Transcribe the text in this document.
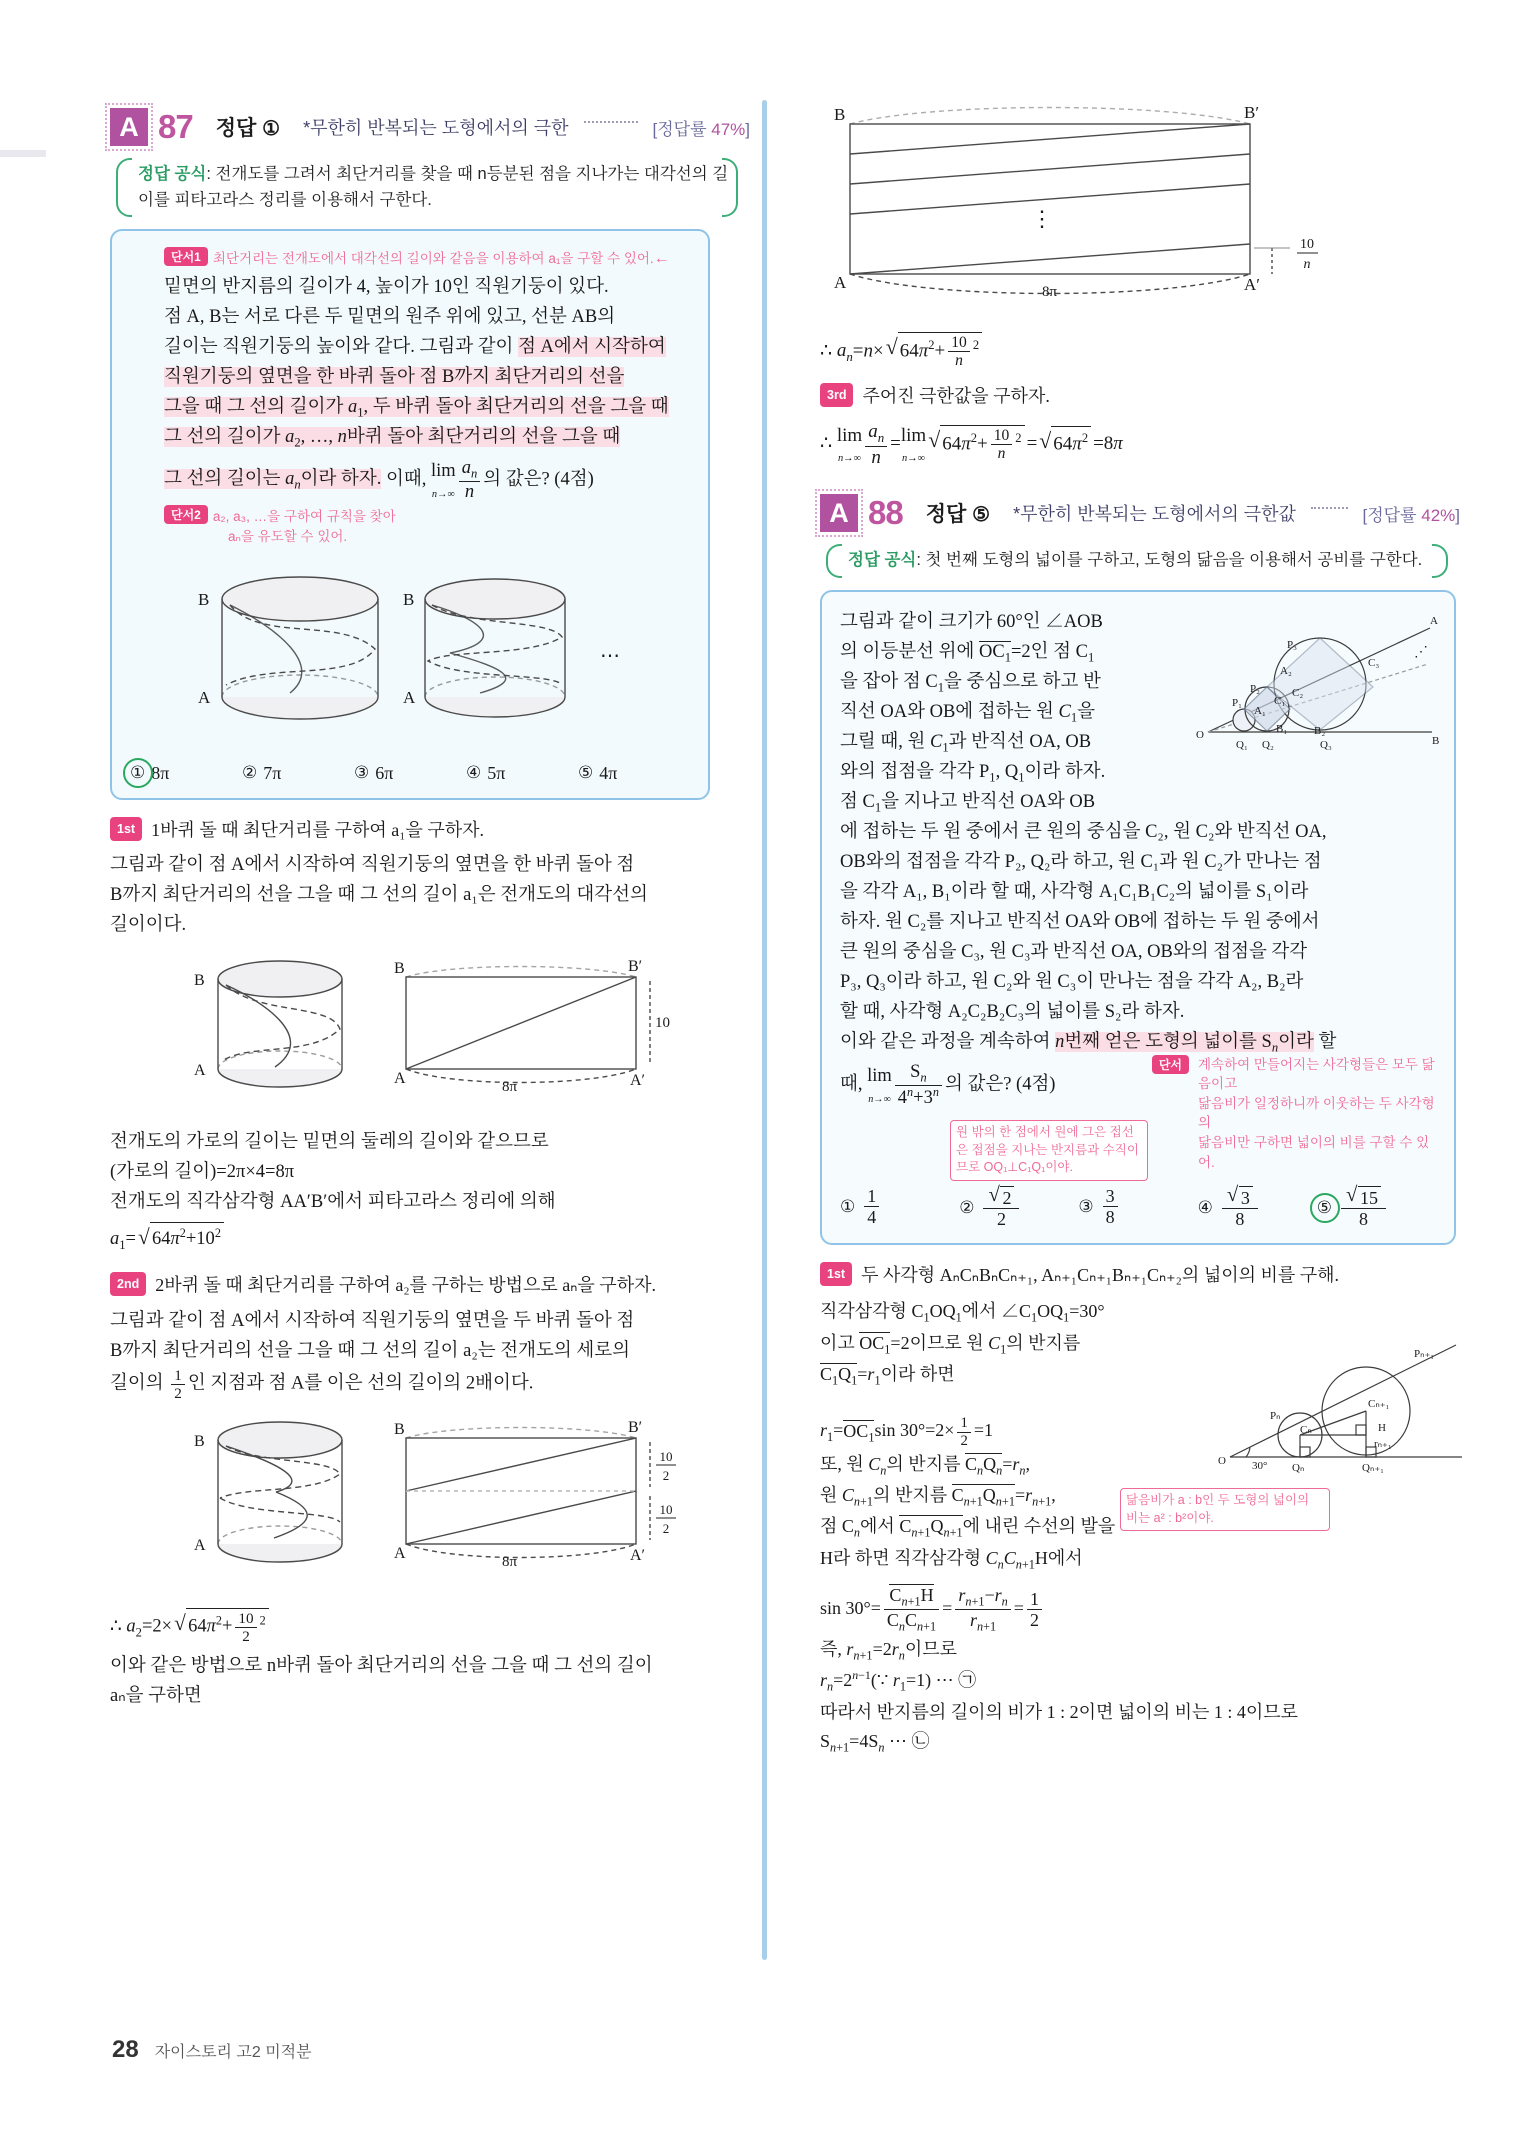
A 87 정답 ① *무한히 반복되는 도형에서의 극한	[정답률 47%]
정답 공식: 전개도를 그려서 최단거리를 찾을 때 n등분된 점을 지나가는 대각선의 길이를 피타고라스 정리를 이용해서 구한다.
단서1 최단거리는 전개도에서 대각선의 길이와 같음을 이용하여 a₁을 구할 수 있어.←
밑면의 반지름의 길이가 4, 높이가 10인 직원기둥이 있다.
점 A, B는 서로 다른 두 밑면의 원주 위에 있고, 선분 AB의
길이는 직원기둥의 높이와 같다. 그림과 같이 점 A에서 시작하여
직원기둥의 옆면을 한 바퀴 돌아 점 B까지 최단거리의 선을
그을 때 그 선의 길이가 $a_1$, 두 바퀴 돌아 최단거리의 선을 그을 때
그 선의 길이가 $a_2$, …, n바퀴 돌아 최단거리의 선을 그을 때
그 선의 길이는 $a_n$이라 하자. 이때, lim
$n\to\infty \frac{a_n}{n}$ 의 값은? (4점)
단서2 a₂, a₃, …을 구하여 규칙을 찾아
aₙ을 유도할 수 있어.
B
A
B
A
⋯
① 8π	② 7π	③ 6π	④ 5π	⑤ 4π
1st 1바퀴 돌 때 최단거리를 구하여 a₁을 구하자.
그림과 같이 점 A에서 시작하여 직원기둥의 옆면을 한 바퀴 돌아 점
B까지 최단거리의 선을 그을 때 그 선의 길이 a₁은 전개도의 대각선의
길이이다.
B
A
B	B′
A	A′
10
8π
전개도의 가로의 길이는 밑면의 둘레의 길이와 같으므로
(가로의 길이)=2π×4=8π
전개도의 직각삼각형 AA′B′에서 피타고라스 정리에 의해
$a_1=$ √ $64\pi^2+10^2$
2nd 2바퀴 돌 때 최단거리를 구하여 a₂를 구하는 방법으로 aₙ을 구하자.
그림과 같이 점 A에서 시작하여 직원기둥의 옆면을 두 바퀴 돌아 점
B까지 최단거리의 선을 그을 때 그 선의 길이 a₂는 전개도의 세로의
길이의 $\frac{1}{2}$ 인 지점과 점 A를 이은 선의 길이의 2배이다.
B
A
B	B′
A	A′
8π
10
2
10
2
∴ $a_2=2\times$ √ $64\pi^2+ \frac{10}{2} ^2$
이와 같은 방법으로 n바퀴 돌아 최단거리의 선을 그을 때 그 선의 길이
aₙ을 구하면
B	B′
A	A′
8π
⋮
10
n
∴ $a_n=n\times$ √ $64\pi^2+ \frac{10}{n} ^2$
3rd 주어진 극한값을 구하자.
∴ lim
$n\to\infty \frac{a_n}{n} =\lim$
n→∞
√ $64\pi^2+ \frac{10}{n} ^2$ = √ $64\pi^2 =8\pi$
A 88 정답 ⑤ *무한히 반복되는 도형에서의 극한값	[정답률 42%]
정답 공식: 첫 번째 도형의 넓이를 구하고, 도형의 닮음을 이용해서 공비를 구한다.
O
A
B
P₁
P₂
P₃
Q₁ Q₂	Q₃
A₁
A₂
B₁ B₂
C₁
C₂
C₃
⋰
그림과 같이 크기가 60°인 ∠AOB
의 이등분선 위에 $OC_1=2$인 점 $C_1$
을 잡아 점 $C_1$을 중심으로 하고 반
직선 OA와 OB에 접하는 원 $C_1$을
그릴 때, 원 $C_1$과 반직선 OA, OB
와의 접점을 각각 $P_1$, $Q_1$이라 하자.
점 $C_1$을 지나고 반직선 OA와 OB
에 접하는 두 원 중에서 큰 원의 중심을 C₂, 원 C₂와 반직선 OA,
OB와의 접점을 각각 P₂, Q₂라 하고, 원 C₁과 원 C₂가 만나는 점
을 각각 A₁, B₁이라 할 때, 사각형 A₁C₁B₁C₂의 넓이를 S₁이라
하자. 원 C₂를 지나고 반직선 OA와 OB에 접하는 두 원 중에서
큰 원의 중심을 C₃, 원 C₃과 반직선 OA, OB와의 접점을 각각
P₃, Q₃이라 하고, 원 C₂와 원 C₃이 만나는 점을 각각 A₂, B₂라
할 때, 사각형 A₂C₂B₂C₃의 넓이를 S₂라 하자.
이와 같은 과정을 계속하여 n번째 얻은 도형의 넓이를 $S_n$이라 할
때, lim
$n\to\infty \frac{S_n}{4^n+3^n}$ 의 값은? (4점)
단서 계속하여 만들어지는 사각형들은 모두 닮음이고
닮음비가 일정하니까 이웃하는 두 사각형의
닮음비만 구하면 넓이의 비를 구할 수 있어.
① $\frac{1}{4}$	② √ $\frac{2}{2}$	③ $\frac{3}{8}$	④ √ $\frac{3}{8}$	⑤ √ $\frac{15}{8}$
1st 두 사각형 AₙCₙBₙCₙ₊₁, Aₙ₊₁Cₙ₊₁Bₙ₊₁Cₙ₊₂의 넓이의 비를 구해.
O 30° Qₙ	Qₙ₊₁
Pₙ
Pₙ₊₁
Cₙ
Cₙ₊₁
H
rₙ₊₁
직각삼각형 $C_1OQ_1$에서 $\angle C_1OQ_1=30^\circ$
이고 $OC_1=2$이므로 원 $C_1$의 반지름
$C_1Q_1=r_1$이라 하면
$r_1=OC_1\sin$ $30^\circ=2\times \frac{1}{2} =1$
또, 원 $C_n$의 반지름 $C_nQ_n=r_n$,
원 $C_{n+1}$의 반지름 $C_{n+1}Q_{n+1}=r_{n+1}$,
점 $C_n$에서 $C_{n+1}Q_{n+1}$에 내린 수선의 발을
H라 하면 직각삼각형 $C_nC_{n+1}H$에서
$\sin 30^\circ= \frac{C_{n+1}H}{C_nC_{n+1}} = \frac{r_{n+1}-r_n}{r_{n+1}} = \frac{1}{2}$
즉, $r_{n+1}=2r_n$이므로
$r_n=2^{n-1}(\because$ $r_1=1$) ⋯ ㉠
따라서 반지름의 길이의 비가 1 : 2이면 넓이의 비는 1 : 4이므로
$S_{n+1}=4S_n$ ⋯ ㉡
원 밖의 한 점에서 원에 그은 접선은 접점을 지나는 반지름과 수직이므로 OQ₁⊥C₁Q₁이야.
닮음비가 a : b인 두 도형의 넓이의 비는 a² : b²이야.
28 자이스토리 고2 미적분
